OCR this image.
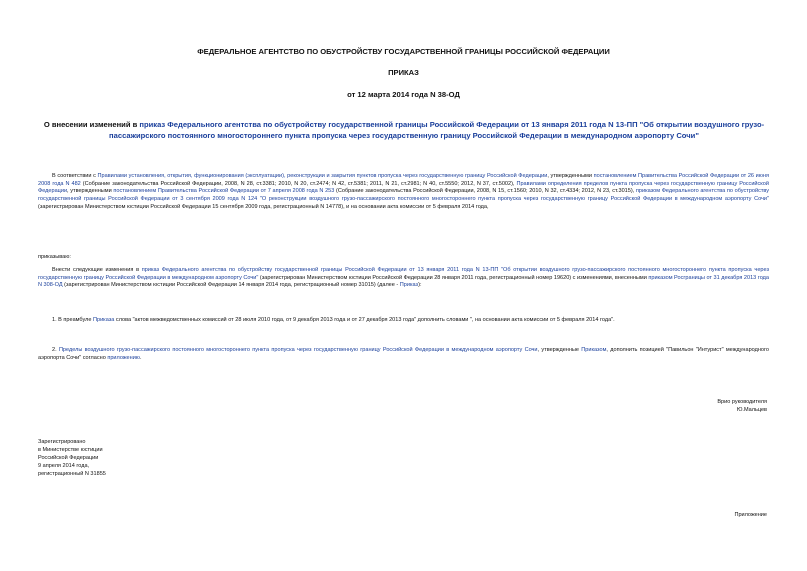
ФЕДЕРАЛЬНОЕ АГЕНТСТВО ПО ОБУСТРОЙСТВУ ГОСУДАРСТВЕННОЙ ГРАНИЦЫ РОССИЙСКОЙ ФЕДЕРАЦИИ
ПРИКАЗ
от 12 марта 2014 года N 38-ОД
О внесении изменений в приказ Федерального агентства по обустройству государственной границы Российской Федерации от 13 января 2011 года N 13-ПП "Об открытии воздушного грузо-пассажирского постоянного многостороннего пункта пропуска через государственную границу Российской Федерации в международном аэропорту Сочи"
В соответствии с Правилами установления, открытия, функционирования (эксплуатации), реконструкции и закрытия пунктов пропуска через государственную границу Российской Федерации, утвержденными постановлением Правительства Российской Федерации от 26 июня 2008 года N 482 (Собрание законодательства Российской Федерации, 2008, N 28, ст.3381; 2010, N 20, ст.2474; N 42, ст.5381; 2011, N 21, ст.2981; N 40, ст.5550; 2012, N 37, ст.5002), Правилами определения пределов пункта пропуска через государственную границу Российской Федерации, утвержденными постановлением Правительства Российской Федерации от 7 апреля 2008 года N 253 (Собрание законодательства Российской Федерации, 2008, N 15, ст.1560; 2010, N 32, ст.4334; 2012, N 23, ст.3015), приказом Федерального агентства по обустройству государственной границы Российской Федерации от 3 сентября 2009 года N 124 "О реконструкции воздушного грузо-пассажирского постоянного многостороннего пункта пропуска через государственную границу Российской Федерации в международном аэропорту Сочи" (зарегистрирован Министерством юстиции Российской Федерации 15 сентября 2009 года, регистрационный N 14778), и на основании акта комиссии от 5 февраля 2014 года,
приказываю:
Внести следующие изменения в приказ Федерального агентства по обустройству государственной границы Российской Федерации от 13 января 2011 года N 13-ПП "Об открытии воздушного грузо-пассажирского постоянного многостороннего пункта пропуска через государственную границу Российской Федерации в международном аэропорту Сочи" (зарегистрирован Министерством юстиции Российской Федерации 28 января 2011 года, регистрационный номер 19620) с изменениями, внесенными приказом Росграницы от 31 декабря 2013 года N 308-ОД (зарегистрирован Министерством юстиции Российской Федерации 14 января 2014 года, регистрационный номер 31015) (далее - Приказ):
1. В преамбуле Приказа слова "актов межведомственных комиссий от 28 июля 2010 года, от 9 декабря 2013 года и от 27 декабря 2013 года" дополнить словами ", на основании акта комиссии от 5 февраля 2014 года".
2. Пределы воздушного грузо-пассажирского постоянного многостороннего пункта пропуска через государственную границу Российской Федерации в международном аэропорту Сочи, утвержденные Приказом, дополнить позицией "Павильон "Интурист" международного аэропорта Сочи" согласно приложению.
Врио руководителя
Ю.Мальцев
Зарегистрировано
в Министерстве юстиции
Российской Федерации
9 апреля 2014 года,
регистрационный N 31855
Приложение
